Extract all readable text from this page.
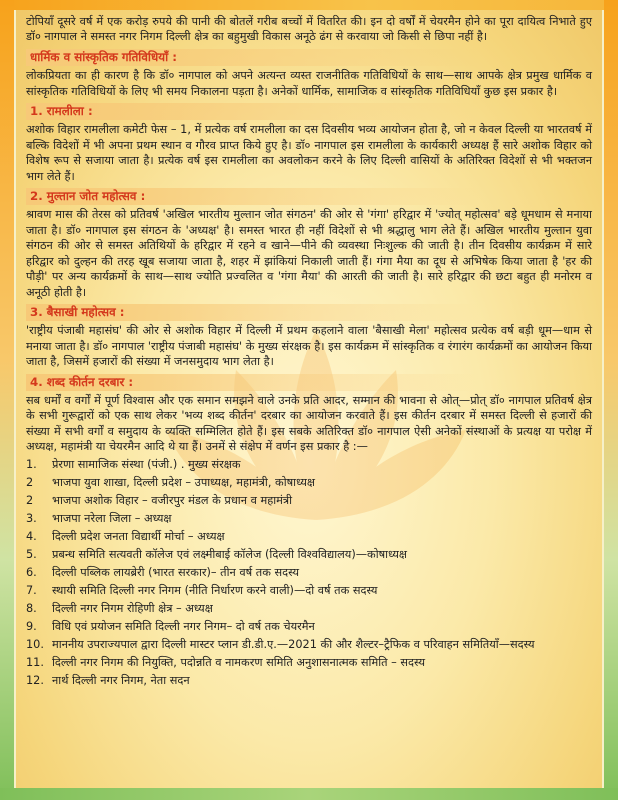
टोपियाँ दूसरे वर्ष में एक करोड़ रुपये की पानी की बोतलें गरीब बच्चों में वितरित की। इन दो वर्षों में चेयरमैन होने का पूरा दायित्व निभाते हुए डॉ० नागपाल ने समस्त नगर निगम दिल्ली क्षेत्र का बहुमुखी विकास अनूठे ढंग से करवाया जो किसी से छिपा नहीं है।

धार्मिक व सांस्कृतिक गतिविधियाँ :

लोकप्रियता का ही कारण है कि डॉ० नागपाल को अपने अत्यन्त व्यस्त राजनीतिक गतिविधियों के साथ—साथ आपके क्षेत्र प्रमुख धार्मिक व सांस्कृतिक गतिविधियों के लिए भी समय निकालना पड़ता है। अनेकों धार्मिक, सामाजिक व सांस्कृतिक गतिविधियाँ कुछ इस प्रकार है।

1. रामलीला :

अशोक विहार रामलीला कमेटी फेस – 1, में प्रत्येक वर्ष रामलीला का दस दिवसीय भव्य आयोजन होता है, जो न केवल दिल्ली या भारतवर्ष में बल्कि विदेशों में भी अपना प्रथम स्थान व गौरव प्राप्त किये हुए है। डॉ० नागपाल इस रामलीला के कार्यकारी अध्यक्ष हैं सारे अशोक विहार को विशेष रूप से सजाया जाता है। प्रत्येक वर्ष इस रामलीला का अवलोकन करने के लिए दिल्ली वासियों के अतिरिक्त विदेशों से भी भक्तजन भाग लेते हैं।

2. मुल्तान जोत महोत्सव :

श्रावण मास की तेरस को प्रतिवर्ष 'अखिल भारतीय मुल्तान जोत संगठन' की ओर से 'गंगा' हरिद्वार में 'ज्योत् महोत्सव' बड़े धूमधाम से मनाया जाता है। डॉ० नागपाल इस संगठन के 'अध्यक्ष' है। समस्त भारत ही नहीं विदेशों से भी श्रद्धालु भाग लेते हैं। अखिल भारतीय मुल्तान युवा संगठन की ओर से समस्त अतिथियों के हरिद्वार में रहने व खाने—पीने की व्यवस्था निःशुल्क की जाती है। तीन दिवसीय कार्यक्रम में सारे हरिद्वार को दुल्हन की तरह खूब सजाया जाता है, शहर में झांकियां निकाली जाती हैं। गंगा मैया का दूध से अभिषेक किया जाता है 'हर की पौड़ी' पर अन्य कार्यक्रमों के साथ—साथ ज्योति प्रज्वलित व 'गंगा मैया' की आरती की जाती है। सारे हरिद्वार की छटा बहुत ही मनोरम व अनूठी होती है।

3. बैसाखी महोत्सव :

'राष्ट्रीय पंजाबी महासंघ' की ओर से अशोक विहार में दिल्ली में प्रथम कहलाने वाला 'बैसाखी मेला' महोत्सव प्रत्येक वर्ष बड़ी धूम—धाम से मनाया जाता है। डॉ० नागपाल 'राष्ट्रीय पंजाबी महासंघ' के मुख्य संरक्षक है। इस कार्यक्रम में सांस्कृतिक व रंगारंग कार्यक्रमों का आयोजन किया जाता है, जिसमें हजारों की संख्या में जनसमुदाय भाग लेता है।

4. शब्द कीर्तन दरबार :

सब धर्मों व वर्गों में पूर्ण विश्वास और एक समान समझने वाले उनके प्रति आदर, सम्मान की भावना से ओत्—प्रोत् डॉ० नागपाल प्रतिवर्ष क्षेत्र के सभी गुरूद्वारों को एक साथ लेकर 'भव्य शब्द कीर्तन' दरबार का आयोजन करवाते हैं। इस कीर्तन दरबार में समस्त दिल्ली से हजारों की संख्या में सभी वर्गों व समुदाय के व्यक्ति सम्मिलित होते हैं। इस सबके अतिरिक्त डॉ० नागपाल ऐसी अनेकों संस्थाओं के प्रत्यक्ष या परोक्ष में अध्यक्ष, महामंत्री या चेयरमैन आदि थे या हैं। उनमें से संक्षेप में वर्णन इस प्रकार है :—

1.	प्रेरणा सामाजिक संस्था (पंजी.) . मुख्य संरक्षक
2	भाजपा युवा शाखा, दिल्ली प्रदेश – उपाध्यक्ष, महामंत्री, कोषाध्यक्ष
2	भाजपा अशोक विहार – वजीरपुर मंडल के प्रधान व महामंत्री
3.	भाजपा नरेला जिला – अध्यक्ष
4.	दिल्ली प्रदेश जनता विद्यार्थी मोर्चा – अध्यक्ष
5.	प्रबन्ध समिति सत्यवती कॉलेज एवं लक्ष्मीबाई कॉलेज (दिल्ली विश्वविद्यालय)—कोषाध्यक्ष
6.	दिल्ली पब्लिक लायब्रेरी (भारत सरकार)– तीन वर्ष तक सदस्य
7.	स्थायी समिति दिल्ली नगर निगम (नीति निर्धारण करने वाली)—दो वर्ष तक सदस्य
8.	दिल्ली नगर निगम रोहिणी क्षेत्र – अध्यक्ष
9.	विधि एवं प्रयोजन समिति दिल्ली नगर निगम– दो वर्ष तक चेयरमैन
10. माननीय उपराज्यपाल द्वारा दिल्ली मास्टर प्लान डी.डी.ए.—2021 की और शैल्टर–ट्रैफिक व परिवाहन समितियाँ—सदस्य
11. दिल्ली नगर निगम की नियुक्ति, पदोन्नति व नामकरण समिति अनुशासनात्मक समिति – सदस्य
12. नार्थ दिल्ली नगर निगम, नेता सदन
